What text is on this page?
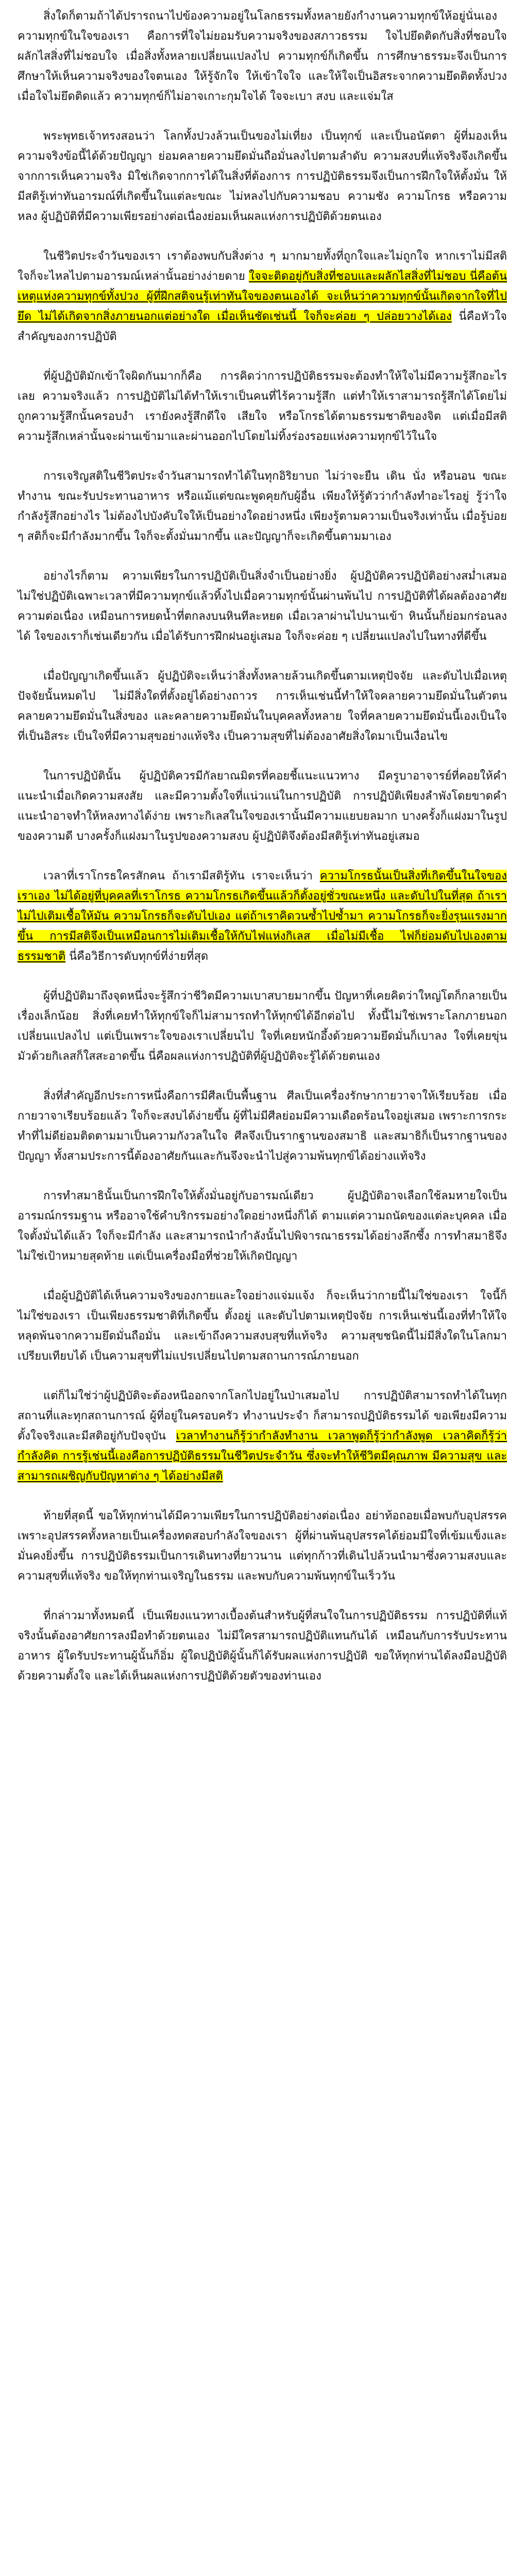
สิ่งใดก็ตามถ้าได้ปรารถนาไปข้องความอยู่ในโลกธรรมทั้งหลายยังกำงานความทุกข์ให้อยู่นั่นเอง ความทุกข์ในใจของเรา คือการที่ใจไม่ยอมรับความจริงของสภาวธรรม ใจไปยึดติดกับสิ่งที่ชอบใจ ผลักไสสิ่งที่ไม่ชอบใจ เมื่อสิ่งทั้งหลายเปลี่ยนแปลงไป ความทุกข์ก็เกิดขึ้น การศึกษาธรรมะจึงเป็นการศึกษาให้เห็นความจริงของใจตนเอง ให้รู้จักใจ ให้เข้าใจใจ และให้ใจเป็นอิสระจากความยึดติดทั้งปวง เมื่อใจไม่ยึดติดแล้ว ความทุกข์ก็ไม่อาจเกาะกุมใจได้ ใจจะเบา สงบ และแจ่มใส

พระพุทธเจ้าทรงสอนว่า โลกทั้งปวงล้วนเป็นของไม่เที่ยง เป็นทุกข์ และเป็นอนัตตา ผู้ที่มองเห็นความจริงข้อนี้ได้ด้วยปัญญา ย่อมคลายความยึดมั่นถือมั่นลงไปตามลำดับ ความสงบที่แท้จริงจึงเกิดขึ้นจากการเห็นความจริง มิใช่เกิดจากการได้ในสิ่งที่ต้องการ การปฏิบัติธรรมจึงเป็นการฝึกใจให้ตั้งมั่น ให้มีสติรู้เท่าทันอารมณ์ที่เกิดขึ้นในแต่ละขณะ ไม่หลงไปกับความชอบ ความชัง ความโกรธ หรือความหลง ผู้ปฏิบัติที่มีความเพียรอย่างต่อเนื่องย่อมเห็นผลแห่งการปฏิบัติด้วยตนเอง

ในชีวิตประจำวันของเรา เราต้องพบกับสิ่งต่าง ๆ มากมายทั้งที่ถูกใจและไม่ถูกใจ หากเราไม่มีสติ ใจก็จะไหลไปตามอารมณ์เหล่านั้นอย่างง่ายดาย ใจจะติดอยู่กับสิ่งที่ชอบและผลักไสสิ่งที่ไม่ชอบ นี่คือต้นเหตุแห่งความทุกข์ทั้งปวง ผู้ที่ฝึกสติจนรู้เท่าทันใจของตนเองได้ จะเห็นว่าความทุกข์นั้นเกิดจากใจที่ไปยึด ไม่ได้เกิดจากสิ่งภายนอกแต่อย่างใด เมื่อเห็นชัดเช่นนี้ ใจก็จะค่อย ๆ ปล่อยวางได้เอง นี่คือหัวใจสำคัญของการปฏิบัติ

ที่ผู้ปฏิบัติมักเข้าใจผิดกันมากก็คือ การคิดว่าการปฏิบัติธรรมจะต้องทำให้ใจไม่มีความรู้สึกอะไรเลย ความจริงแล้ว การปฏิบัติไม่ได้ทำให้เราเป็นคนที่ไร้ความรู้สึก แต่ทำให้เราสามารถรู้สึกได้โดยไม่ถูกความรู้สึกนั้นครอบงำ เรายังคงรู้สึกดีใจ เสียใจ หรือโกรธได้ตามธรรมชาติของจิต แต่เมื่อมีสติ ความรู้สึกเหล่านั้นจะผ่านเข้ามาและผ่านออกไปโดยไม่ทิ้งร่องรอยแห่งความทุกข์ไว้ในใจ

การเจริญสติในชีวิตประจำวันสามารถทำได้ในทุกอิริยาบถ ไม่ว่าจะยืน เดิน นั่ง หรือนอน ขณะทำงาน ขณะรับประทานอาหาร หรือแม้แต่ขณะพูดคุยกับผู้อื่น เพียงให้รู้ตัวว่ากำลังทำอะไรอยู่ รู้ว่าใจกำลังรู้สึกอย่างไร ไม่ต้องไปบังคับใจให้เป็นอย่างใดอย่างหนึ่ง เพียงรู้ตามความเป็นจริงเท่านั้น เมื่อรู้บ่อย ๆ สติก็จะมีกำลังมากขึ้น ใจก็จะตั้งมั่นมากขึ้น และปัญญาก็จะเกิดขึ้นตามมาเอง

อย่างไรก็ตาม ความเพียรในการปฏิบัติเป็นสิ่งจำเป็นอย่างยิ่ง ผู้ปฏิบัติควรปฏิบัติอย่างสม่ำเสมอ ไม่ใช่ปฏิบัติเฉพาะเวลาที่มีความทุกข์แล้วทิ้งไปเมื่อความทุกข์นั้นผ่านพ้นไป การปฏิบัติที่ได้ผลต้องอาศัยความต่อเนื่อง เหมือนการหยดน้ำที่ตกลงบนหินทีละหยด เมื่อเวลาผ่านไปนานเข้า หินนั้นก็ย่อมกร่อนลงได้ ใจของเราก็เช่นเดียวกัน เมื่อได้รับการฝึกฝนอยู่เสมอ ใจก็จะค่อย ๆ เปลี่ยนแปลงไปในทางที่ดีขึ้น

เมื่อปัญญาเกิดขึ้นแล้ว ผู้ปฏิบัติจะเห็นว่าสิ่งทั้งหลายล้วนเกิดขึ้นตามเหตุปัจจัย และดับไปเมื่อเหตุปัจจัยนั้นหมดไป ไม่มีสิ่งใดที่ตั้งอยู่ได้อย่างถาวร การเห็นเช่นนี้ทำให้ใจคลายความยึดมั่นในตัวตน คลายความยึดมั่นในสิ่งของ และคลายความยึดมั่นในบุคคลทั้งหลาย ใจที่คลายความยึดมั่นนี้เองเป็นใจที่เป็นอิสระ เป็นใจที่มีความสุขอย่างแท้จริง เป็นความสุขที่ไม่ต้องอาศัยสิ่งใดมาเป็นเงื่อนไข

ในการปฏิบัตินั้น ผู้ปฏิบัติควรมีกัลยาณมิตรที่คอยชี้แนะแนวทาง มีครูบาอาจารย์ที่คอยให้คำแนะนำเมื่อเกิดความสงสัย และมีความตั้งใจที่แน่วแน่ในการปฏิบัติ การปฏิบัติเพียงลำพังโดยขาดคำแนะนำอาจทำให้หลงทางได้ง่าย เพราะกิเลสในใจของเรานั้นมีความแยบยลมาก บางครั้งก็แฝงมาในรูปของความดี บางครั้งก็แฝงมาในรูปของความสงบ ผู้ปฏิบัติจึงต้องมีสติรู้เท่าทันอยู่เสมอ

เวลาที่เราโกรธใครสักคน ถ้าเรามีสติรู้ทัน เราจะเห็นว่า ความโกรธนั้นเป็นสิ่งที่เกิดขึ้นในใจของเราเอง ไม่ได้อยู่ที่บุคคลที่เราโกรธ ความโกรธเกิดขึ้นแล้วก็ตั้งอยู่ชั่วขณะหนึ่ง และดับไปในที่สุด ถ้าเราไม่ไปเติมเชื้อให้มัน ความโกรธก็จะดับไปเอง แต่ถ้าเราคิดวนซ้ำไปซ้ำมา ความโกรธก็จะยิ่งรุนแรงมากขึ้น การมีสติจึงเป็นเหมือนการไม่เติมเชื้อให้กับไฟแห่งกิเลส เมื่อไม่มีเชื้อ ไฟก็ย่อมดับไปเองตามธรรมชาติ นี่คือวิธีการดับทุกข์ที่ง่ายที่สุด

ผู้ที่ปฏิบัติมาถึงจุดหนึ่งจะรู้สึกว่าชีวิตมีความเบาสบายมากขึ้น ปัญหาที่เคยคิดว่าใหญ่โตก็กลายเป็นเรื่องเล็กน้อย สิ่งที่เคยทำให้ทุกข์ใจก็ไม่สามารถทำให้ทุกข์ได้อีกต่อไป ทั้งนี้ไม่ใช่เพราะโลกภายนอกเปลี่ยนแปลงไป แต่เป็นเพราะใจของเราเปลี่ยนไป ใจที่เคยหนักอึ้งด้วยความยึดมั่นก็เบาลง ใจที่เคยขุ่นมัวด้วยกิเลสก็ใสสะอาดขึ้น นี่คือผลแห่งการปฏิบัติที่ผู้ปฏิบัติจะรู้ได้ด้วยตนเอง

สิ่งที่สำคัญอีกประการหนึ่งคือการมีศีลเป็นพื้นฐาน ศีลเป็นเครื่องรักษากายวาจาให้เรียบร้อย เมื่อกายวาจาเรียบร้อยแล้ว ใจก็จะสงบได้ง่ายขึ้น ผู้ที่ไม่มีศีลย่อมมีความเดือดร้อนใจอยู่เสมอ เพราะการกระทำที่ไม่ดีย่อมติดตามมาเป็นความกังวลในใจ ศีลจึงเป็นรากฐานของสมาธิ และสมาธิก็เป็นรากฐานของปัญญา ทั้งสามประการนี้ต้องอาศัยกันและกันจึงจะนำไปสู่ความพ้นทุกข์ได้อย่างแท้จริง

การทำสมาธินั้นเป็นการฝึกใจให้ตั้งมั่นอยู่กับอารมณ์เดียว ผู้ปฏิบัติอาจเลือกใช้ลมหายใจเป็นอารมณ์กรรมฐาน หรืออาจใช้คำบริกรรมอย่างใดอย่างหนึ่งก็ได้ ตามแต่ความถนัดของแต่ละบุคคล เมื่อใจตั้งมั่นได้แล้ว ใจก็จะมีกำลัง และสามารถนำกำลังนั้นไปพิจารณาธรรมได้อย่างลึกซึ้ง การทำสมาธิจึงไม่ใช่เป้าหมายสุดท้าย แต่เป็นเครื่องมือที่ช่วยให้เกิดปัญญา

เมื่อผู้ปฏิบัติได้เห็นความจริงของกายและใจอย่างแจ่มแจ้ง ก็จะเห็นว่ากายนี้ไม่ใช่ของเรา ใจนี้ก็ไม่ใช่ของเรา เป็นเพียงธรรมชาติที่เกิดขึ้น ตั้งอยู่ และดับไปตามเหตุปัจจัย การเห็นเช่นนี้เองที่ทำให้ใจหลุดพ้นจากความยึดมั่นถือมั่น และเข้าถึงความสงบสุขที่แท้จริง ความสุขชนิดนี้ไม่มีสิ่งใดในโลกมาเปรียบเทียบได้ เป็นความสุขที่ไม่แปรเปลี่ยนไปตามสถานการณ์ภายนอก

แต่ก็ไม่ใช่ว่าผู้ปฏิบัติจะต้องหนีออกจากโลกไปอยู่ในป่าเสมอไป การปฏิบัติสามารถทำได้ในทุกสถานที่และทุกสถานการณ์ ผู้ที่อยู่ในครอบครัว ทำงานประจำ ก็สามารถปฏิบัติธรรมได้ ขอเพียงมีความตั้งใจจริงและมีสติอยู่กับปัจจุบัน เวลาทำงานก็รู้ว่ากำลังทำงาน เวลาพูดก็รู้ว่ากำลังพูด เวลาคิดก็รู้ว่ากำลังคิด การรู้เช่นนี้เองคือการปฏิบัติธรรมในชีวิตประจำวัน ซึ่งจะทำให้ชีวิตมีคุณภาพ มีความสุข และสามารถเผชิญกับปัญหาต่าง ๆ ได้อย่างมีสติ

ท้ายที่สุดนี้ ขอให้ทุกท่านได้มีความเพียรในการปฏิบัติอย่างต่อเนื่อง อย่าท้อถอยเมื่อพบกับอุปสรรค เพราะอุปสรรคทั้งหลายเป็นเครื่องทดสอบกำลังใจของเรา ผู้ที่ผ่านพ้นอุปสรรคได้ย่อมมีใจที่เข้มแข็งและมั่นคงยิ่งขึ้น การปฏิบัติธรรมเป็นการเดินทางที่ยาวนาน แต่ทุกก้าวที่เดินไปล้วนนำมาซึ่งความสงบและความสุขที่แท้จริง ขอให้ทุกท่านเจริญในธรรม และพบกับความพ้นทุกข์ในเร็ววัน

ที่กล่าวมาทั้งหมดนี้ เป็นเพียงแนวทางเบื้องต้นสำหรับผู้ที่สนใจในการปฏิบัติธรรม การปฏิบัติที่แท้จริงนั้นต้องอาศัยการลงมือทำด้วยตนเอง ไม่มีใครสามารถปฏิบัติแทนกันได้ เหมือนกับการรับประทานอาหาร ผู้ใดรับประทานผู้นั้นก็อิ่ม ผู้ใดปฏิบัติผู้นั้นก็ได้รับผลแห่งการปฏิบัติ ขอให้ทุกท่านได้ลงมือปฏิบัติด้วยความตั้งใจ และได้เห็นผลแห่งการปฏิบัติด้วยตัวของท่านเอง
